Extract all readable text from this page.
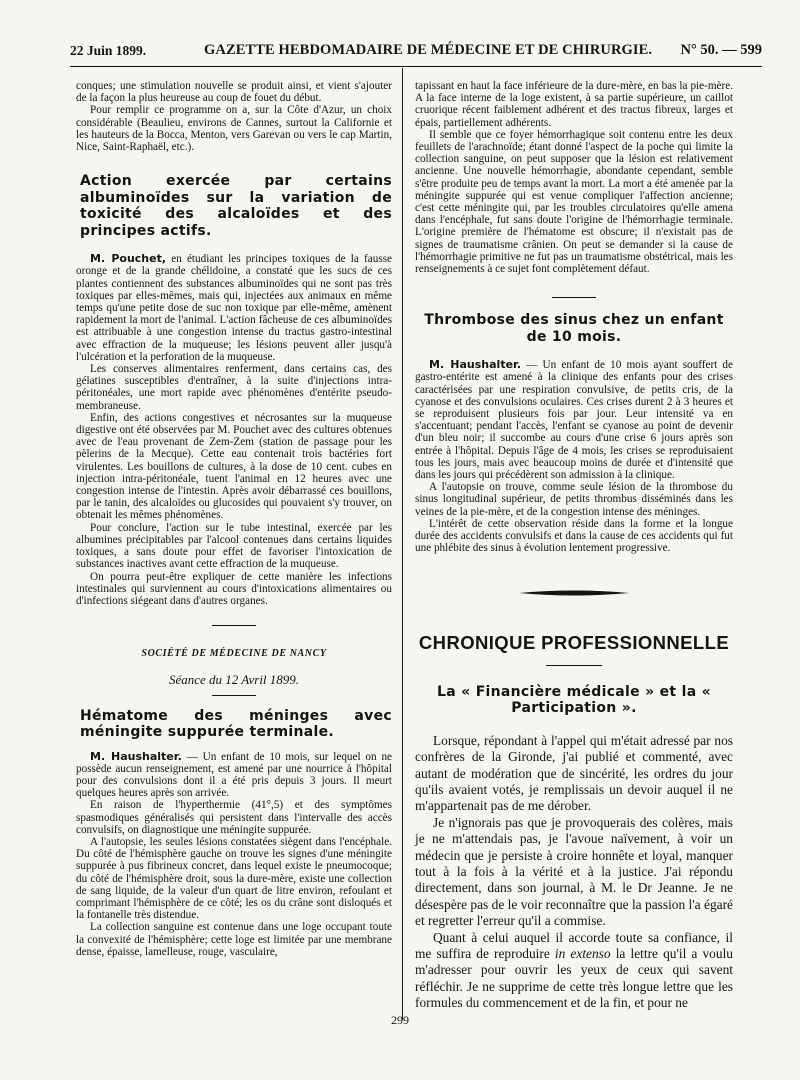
22 Juin 1899.	GAZETTE HEBDOMADAIRE DE MÉDECINE ET DE CHIRURGIE. N° 50. — 599

conques; une stimulation nouvelle se produit ainsi, et vient s'ajouter de la façon la plus heureuse au coup de fouet du début.

Pour remplir ce programme on a, sur la Côte d'Azur, un choix considérable (Beaulieu, environs de Cannes, surtout la Californie et les hauteurs de la Bocca, Menton, vers Garevan ou vers le cap Martin, Nice, Saint-Raphaël, etc.).

Action exercée par certains albuminoïdes sur la variation de toxicité des alcaloïdes et des principes actifs.

M. Pouchet, en étudiant les principes toxiques de la fausse oronge et de la grande chélidoine, a constaté que les sucs de ces plantes contiennent des substances albuminoïdes qui ne sont pas très toxiques par elles-mêmes, mais qui, injectées aux animaux en même temps qu'une petite dose de suc non toxique par elle-même, amènent rapidement la mort de l'animal. L'action fâcheuse de ces albuminoïdes est attribuable à une congestion intense du tractus gastro-intestinal avec effraction de la muqueuse; les lésions peuvent aller jusqu'à l'ulcération et la perforation de la muqueuse.

Les conserves alimentaires renferment, dans certains cas, des gélatines susceptibles d'entraîner, à la suite d'injections intra-péritonéales, une mort rapide avec phénomènes d'entérite pseudo-membraneuse.

Enfin, des actions congestives et nécrosantes sur la muqueuse digestive ont été observées par M. Pouchet avec des cultures obtenues avec de l'eau provenant de Zem-Zem (station de passage pour les pèlerins de la Mecque). Cette eau contenait trois bactéries fort virulentes. Les bouillons de cultures, à la dose de 10 cent. cubes en injection intra-péritonéale, tuent l'animal en 12 heures avec une congestion intense de l'intestin. Après avoir débarrassé ces bouillons, par le tanin, des alcaloïdes ou glucosides qui pouvaient s'y trouver, on obtenait les mêmes phénomènes.

Pour conclure, l'action sur le tube intestinal, exercée par les albumines précipitables par l'alcool contenues dans certains liquides toxiques, a sans doute pour effet de favoriser l'intoxication de substances inactives avant cette effraction de la muqueuse.

On pourra peut-être expliquer de cette manière les infections intestinales qui surviennent au cours d'intoxications alimentaires ou d'infections siégeant dans d'autres organes.

SOCIÉTÉ DE MÉDECINE DE NANCY
Séance du 12 Avril 1899.
Hématome des méninges avec méningite suppurée terminale.

M. Haushalter. — Un enfant de 10 mois, sur lequel on ne possède aucun renseignement, est amené par une nourrice à l'hôpital pour des convulsions dont il a été pris depuis 3 jours. Il meurt quelques heures après son arrivée.

En raison de l'hyperthermie (41°,5) et des symptômes spasmodiques généralisés qui persistent dans l'intervalle des accès convulsifs, on diagnostique une méningite suppurée.

A l'autopsie, les seules lésions constatées siègent dans l'encéphale. Du côté de l'hémisphère gauche on trouve les signes d'une méningite suppurée à pus fibrineux concret, dans lequel existe le pneumocoque; du côté de l'hémisphère droit, sous la dure-mère, existe une collection de sang liquide, de la valeur d'un quart de litre environ, refoulant et comprimant l'hémisphère de ce côté; les os du crâne sont disloqués et la fontanelle très distendue.

La collection sanguine est contenue dans une loge occupant toute la convexité de l'hémisphère; cette loge est limitée par une membrane dense, épaisse, lamelleuse, rouge, vasculaire,

tapissant en haut la face inférieure de la dure-mère, en bas la pie-mère. A la face interne de la loge existent, à sa partie supérieure, un caillot cruorique récent faiblement adhérent et des tractus fibreux, larges et épais, partiellement adhérents.

Il semble que ce foyer hémorrhagique soit contenu entre les deux feuillets de l'arachnoïde; étant donné l'aspect de la poche qui limite la collection sanguine, on peut supposer que la lésion est relativement ancienne. Une nouvelle hémorrhagie, abondante cependant, semble s'être produite peu de temps avant la mort. La mort a été amenée par la méningite suppurée qui est venue compliquer l'affection ancienne; c'est cette méningite qui, par les troubles circulatoires qu'elle amena dans l'encéphale, fut sans doute l'origine de l'hémorrhagie terminale. L'origine première de l'hématome est obscure; il n'existait pas de signes de traumatisme crânien. On peut se demander si la cause de l'hémorrhagie primitive ne fut pas un traumatisme obstétrical, mais les renseignements à ce sujet font complètement défaut.

Thrombose des sinus chez un enfant de 10 mois.

M. Haushalter. — Un enfant de 10 mois ayant souffert de gastro-entérite est amené à la clinique des enfants pour des crises caractérisées par une respiration convulsive, de petits cris, de la cyanose et des convulsions oculaires. Ces crises durent 2 à 3 heures et se reproduisent plusieurs fois par jour. Leur intensité va en s'accentuant; pendant l'accès, l'enfant se cyanose au point de devenir d'un bleu noir; il succombe au cours d'une crise 6 jours après son entrée à l'hôpital. Depuis l'âge de 4 mois, les crises se reproduisaient tous les jours, mais avec beaucoup moins de durée et d'intensité que dans les jours qui précédèrent son admission à la clinique.

A l'autopsie on trouve, comme seule lésion de la thrombose du sinus longitudinal supérieur, de petits thrombus disséminés dans les veines de la pie-mère, et de la congestion intense des méninges.

L'intérêt de cette observation réside dans la forme et la longue durée des accidents convulsifs et dans la cause de ces accidents qui fut une phlébite des sinus à évolution lentement progressive.

CHRONIQUE PROFESSIONNELLE
La « Financière médicale » et la « Participation ».

Lorsque, répondant à l'appel qui m'était adressé par nos confrères de la Gironde, j'ai publié et commenté, avec autant de modération que de sincérité, les ordres du jour qu'ils avaient votés, je remplissais un devoir auquel il ne m'appartenait pas de me dérober.

Je n'ignorais pas que je provoquerais des colères, mais je ne m'attendais pas, je l'avoue naïvement, à voir un médecin que je persiste à croire honnête et loyal, manquer tout à la fois à la vérité et à la justice. J'ai répondu directement, dans son journal, à M. le Dr Jeanne. Je ne désespère pas de le voir reconnaître que la passion l'a égaré et regretter l'erreur qu'il a commise.

Quant à celui auquel il accorde toute sa confiance, il me suffira de reproduire in extenso la lettre qu'il a voulu m'adresser pour ouvrir les yeux de ceux qui savent réfléchir. Je ne supprime de cette très longue lettre que les formules du commencement et de la fin, et pour ne

299
